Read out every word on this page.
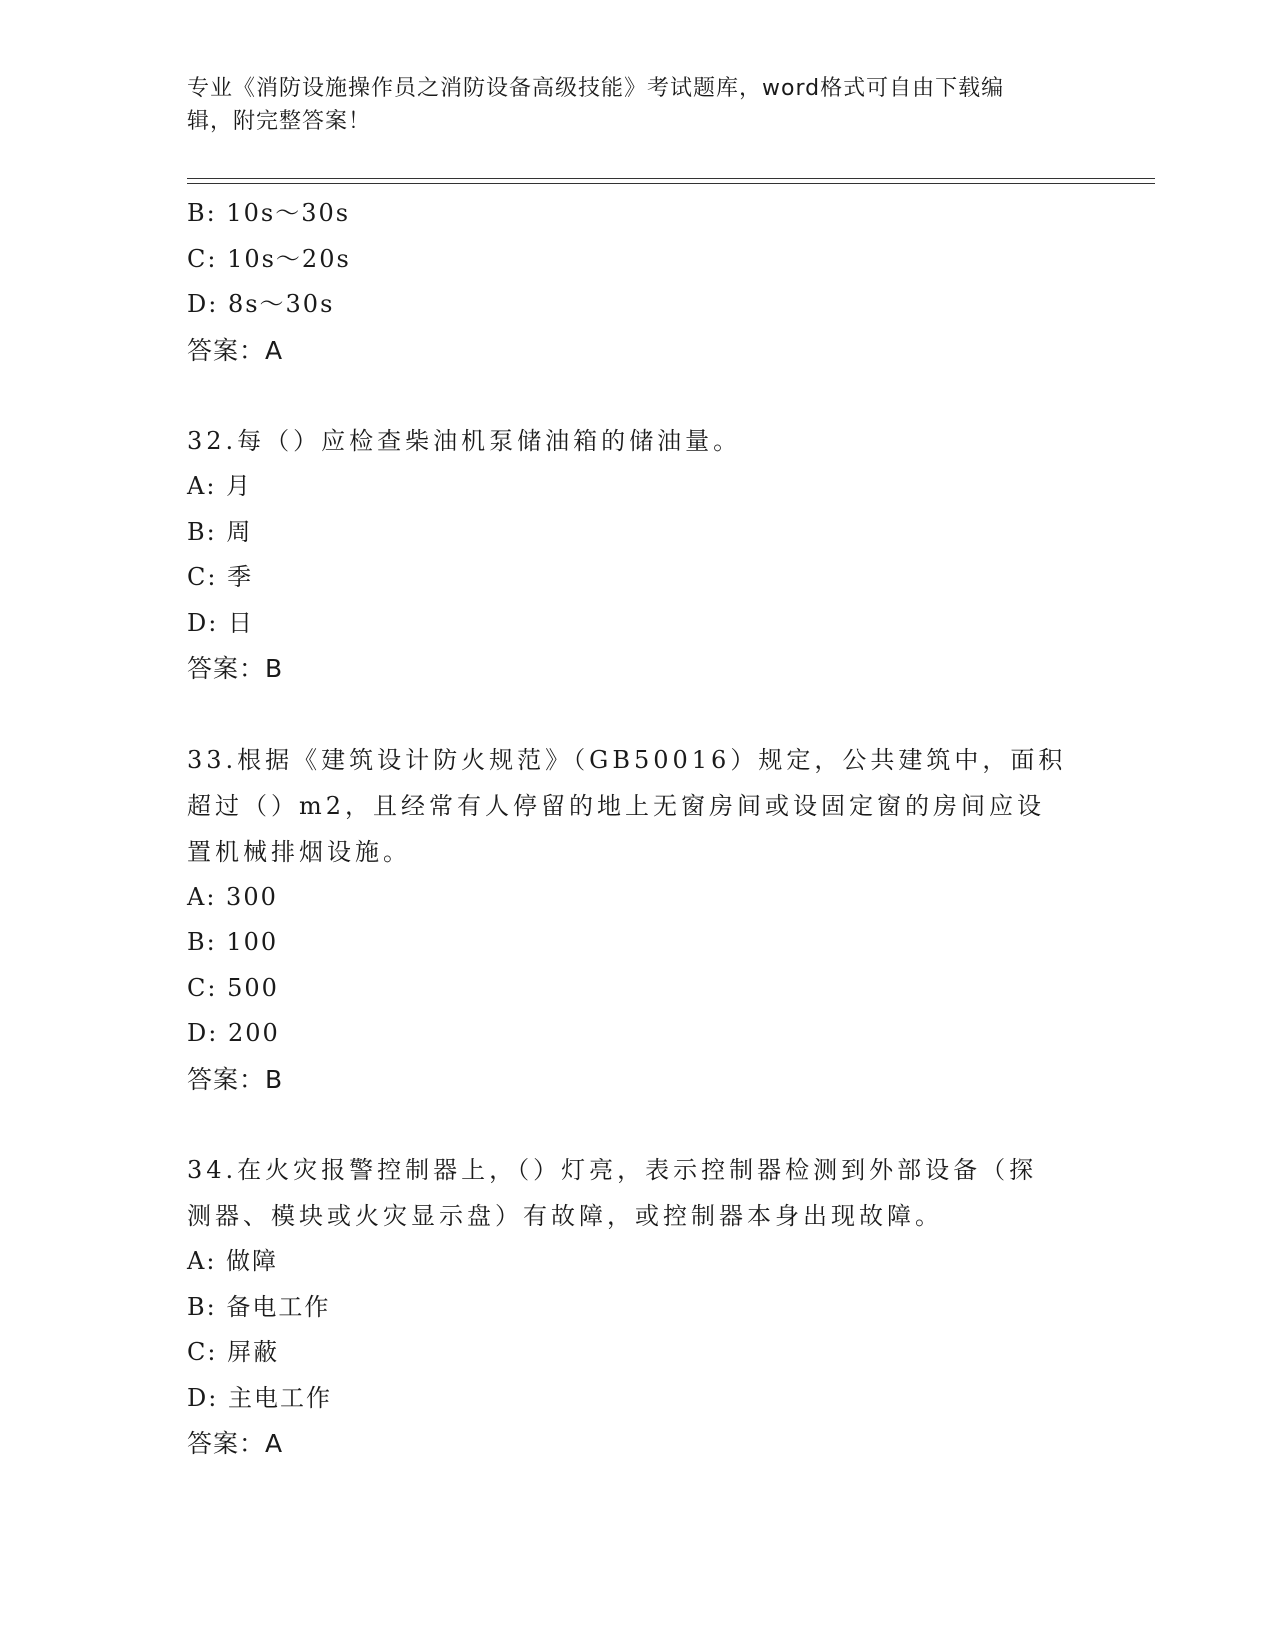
专业《消防设施操作员之消防设备高级技能》考试题库，word格式可自由下载编
辑，附完整答案！
B: 10s～30s
C: 10s～20s
D: 8s～30s
答案：A
32.每（）应检查柴油机泵储油箱的储油量。
A: 月
B: 周
C: 季
D: 日
答案：B
33.根据《建筑设计防火规范》（GB50016）规定，公共建筑中，面积
超过（）m2，且经常有人停留的地上无窗房间或设固定窗的房间应设
置机械排烟设施。
A: 300
B: 100
C: 500
D: 200
答案：B
34.在火灾报警控制器上，（）灯亮，表示控制器检测到外部设备（探
测器、模块或火灾显示盘）有故障，或控制器本身出现故障。
A: 做障
B: 备电工作
C: 屏蔽
D: 主电工作
答案：A
